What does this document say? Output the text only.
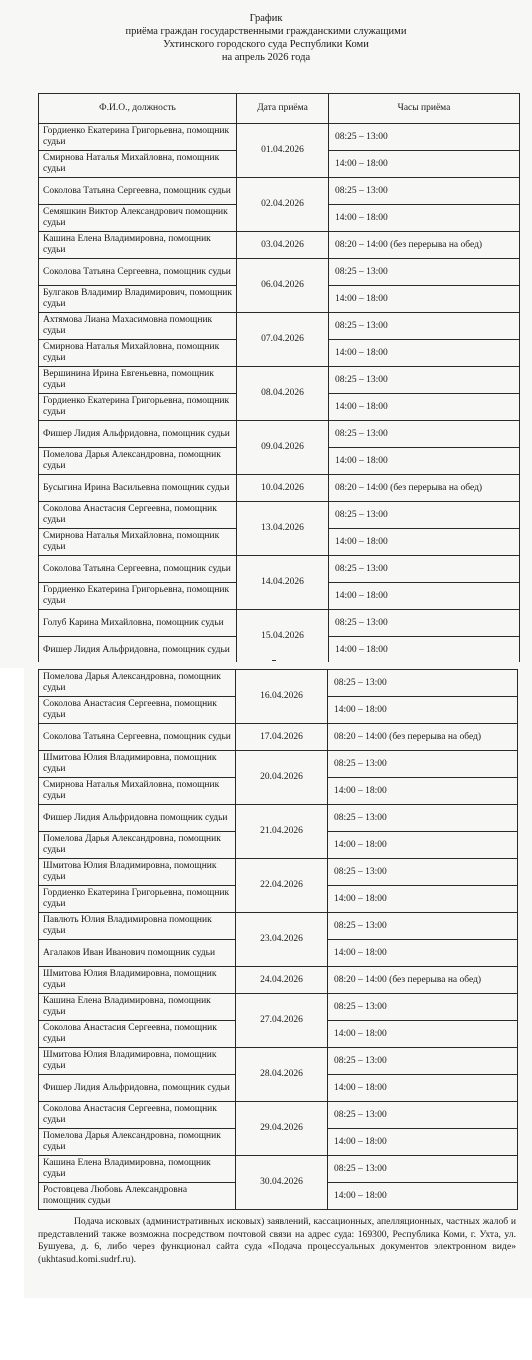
График
приёма граждан государственными гражданскими служащими
Ухтинского городского суда Республики Коми
на апрель 2026 года
Ф.И.О., должность	Дата приёма	Часы приёма
Гордиенко Екатерина Григорьевна, помощник судьи	01.04.2026	08:25 – 13:00
Смирнова Наталья Михайловна, помощник судьи		14:00 – 18:00
Соколова Татьяна Сергеевна, помощник судьи	02.04.2026	08:25 – 13:00
Семяшкин Виктор Александрович помощник судьи		14:00 – 18:00
Кашина Елена Владимировна, помощник судьи	03.04.2026	08:20 – 14:00 (без перерыва на обед)
Соколова Татьяна Сергеевна, помощник судьи	06.04.2026	08:25 – 13:00
Булгаков Владимир Владимирович, помощник судьи		14:00 – 18:00
Ахтямова Лиана Махасимовна помощник судьи	07.04.2026	08:25 – 13:00
Смирнова Наталья Михайловна, помощник судьи		14:00 – 18:00
Вершинина Ирина Евгеньевна, помощник судьи	08.04.2026	08:25 – 13:00
Гордиенко Екатерина Григорьевна, помощник судьи		14:00 – 18:00
Фишер Лидия Альфридовна, помощник судьи	09.04.2026	08:25 – 13:00
Помелова Дарья Александровна, помощник судьи		14:00 – 18:00
Бусыгина Ирина Васильевна помощник судьи	10.04.2026	08:20 – 14:00 (без перерыва на обед)
Соколова Анастасия Сергеевна, помощник судьи	13.04.2026	08:25 – 13:00
Смирнова Наталья Михайловна, помощник судьи		14:00 – 18:00
Соколова Татьяна Сергеевна, помощник судьи	14.04.2026	08:25 – 13:00
Гордиенко Екатерина Григорьевна, помощник судьи		14:00 – 18:00
Голуб Карина Михайловна, помощник судьи	15.04.2026	08:25 – 13:00
Фишер Лидия Альфридовна, помощник судьи		14:00 – 18:00
Помелова Дарья Александровна, помощник судьи	16.04.2026	08:25 – 13:00
Соколова Анастасия Сергеевна, помощник судьи		14:00 – 18:00
Соколова Татьяна Сергеевна, помощник судьи	17.04.2026	08:20 – 14:00 (без перерыва на обед)
Шмитова Юлия Владимировна, помощник судьи	20.04.2026	08:25 – 13:00
Смирнова Наталья Михайловна, помощник судьи		14:00 – 18:00
Фишер Лидия Альфридовна помощник судьи	21.04.2026	08:25 – 13:00
Помелова Дарья Александровна, помощник судьи		14:00 – 18:00
Шмитова Юлия Владимировна, помощник судьи	22.04.2026	08:25 – 13:00
Гордиенко Екатерина Григорьевна, помощник судьи		14:00 – 18:00
Павлють Юлия Владимировна помощник судьи	23.04.2026	08:25 – 13:00
Агалаков Иван Иванович помощник судьи		14:00 – 18:00
Шмитова Юлия Владимировна, помощник судьи	24.04.2026	08:20 – 14:00 (без перерыва на обед)
Кашина Елена Владимировна, помощник судьи	27.04.2026	08:25 – 13:00
Соколова Анастасия Сергеевна, помощник судьи		14:00 – 18:00
Шмитова Юлия Владимировна, помощник судьи	28.04.2026	08:25 – 13:00
Фишер Лидия Альфридовна, помощник судьи		14:00 – 18:00
Соколова Анастасия Сергеевна, помощник судьи	29.04.2026	08:25 – 13:00
Помелова Дарья Александровна, помощник судьи		14:00 – 18:00
Кашина Елена Владимировна, помощник судьи	30.04.2026	08:25 – 13:00
Ростовцева Любовь Александровна помощник судьи		14:00 – 18:00
Подача исковых (административных исковых) заявлений, кассационных, апелляционных, частных жалоб и представлений также возможна посредством почтовой связи на адрес суда: 169300, Республика Коми, г. Ухта, ул. Бушуева, д. 6, либо через функционал сайта суда «Подача процессуальных документов электронном виде» (ukhtasud.komi.sudrf.ru).
